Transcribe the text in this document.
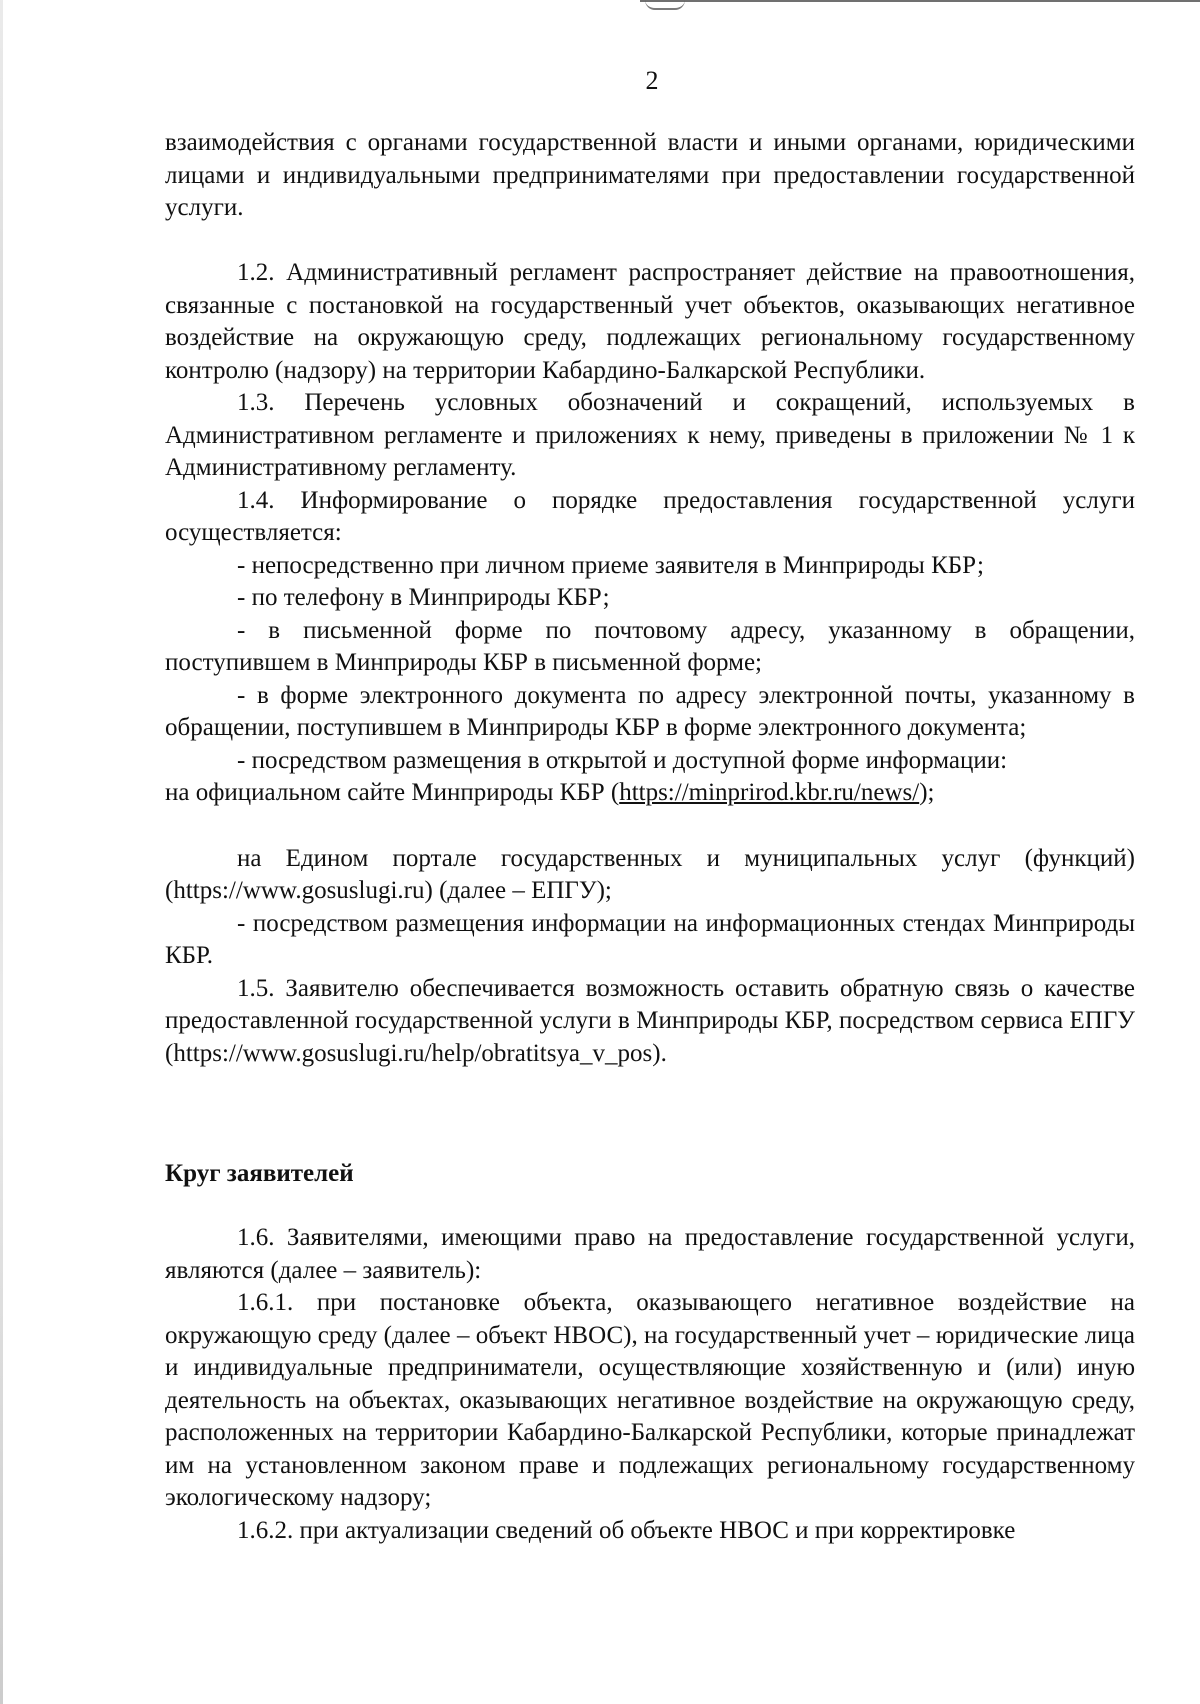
2

взаимодействия с органами государственной власти и иными органами, юридическими лицами и индивидуальными предпринимателями при предоставлении государственной услуги.

1.2. Административный регламент распространяет действие на правоотношения, связанные с постановкой на государственный учет объектов, оказывающих негативное воздействие на окружающую среду, подлежащих региональному государственному контролю (надзору) на территории Кабардино-Балкарской Республики.

1.3. Перечень условных обозначений и сокращений, используемых в Административном регламенте и приложениях к нему, приведены в приложении № 1 к Административному регламенту.

1.4. Информирование о порядке предоставления государственной услуги осуществляется:

- непосредственно при личном приеме заявителя в Минприроды КБР;

- по телефону в Минприроды КБР;

- в письменной форме по почтовому адресу, указанному в обращении, поступившем в Минприроды КБР в письменной форме;

- в форме электронного документа по адресу электронной почты, указанному в обращении, поступившем в Минприроды КБР в форме электронного документа;

- посредством размещения в открытой и доступной форме информации:

на официальном сайте Минприроды КБР (https://minprirod.kbr.ru/news/);

на Едином портале государственных и муниципальных услуг (функций) (https://www.gosuslugi.ru) (далее – ЕПГУ);

- посредством размещения информации на информационных стендах Минприроды КБР.

1.5. Заявителю обеспечивается возможность оставить обратную связь о качестве предоставленной государственной услуги в Минприроды КБР, посредством сервиса ЕПГУ (https://www.gosuslugi.ru/help/obratitsya_v_pos).

Круг заявителей

1.6. Заявителями, имеющими право на предоставление государственной услуги, являются (далее – заявитель):

1.6.1. при постановке объекта, оказывающего негативное воздействие на окружающую среду (далее – объект НВОС), на государственный учет – юридические лица и индивидуальные предприниматели, осуществляющие хозяйственную и (или) иную деятельность на объектах, оказывающих негативное воздействие на окружающую среду, расположенных на территории Кабардино-Балкарской Республики, которые принадлежат им на установленном законом праве и подлежащих региональному государственному экологическому надзору;

1.6.2. при актуализации сведений об объекте НВОС и при корректировке
